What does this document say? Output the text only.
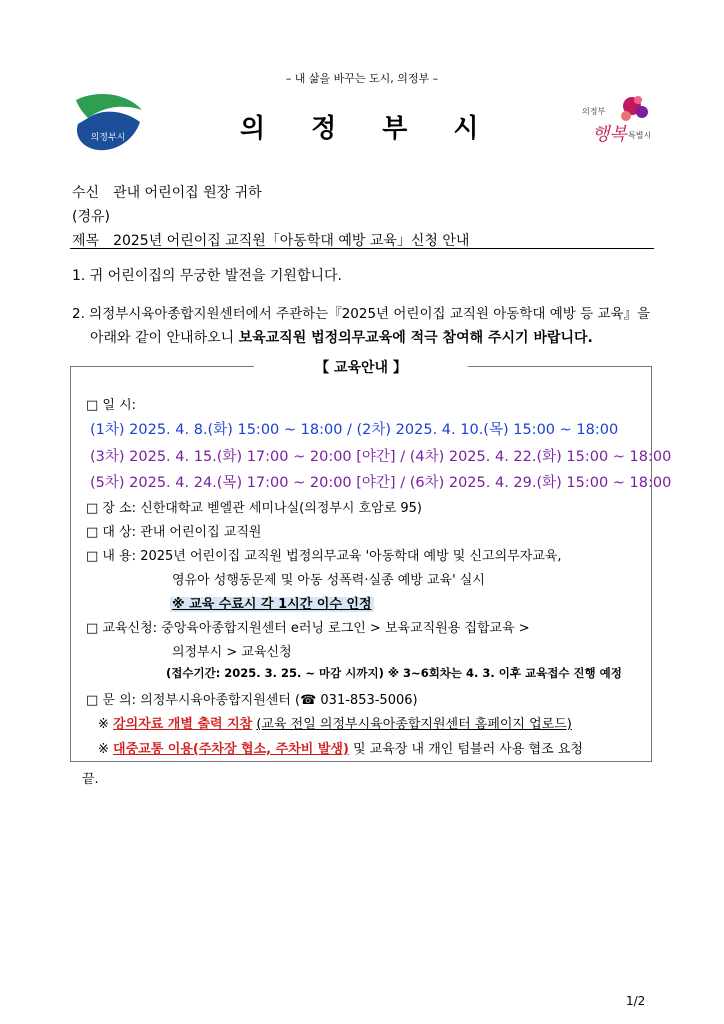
– 내 삶을 바꾸는 도시, 의정부 –
의정부시	의정부시
의정부
행복 특별시
수신 관내 어린이집 원장 귀하
(경유)
제목 2025년 어린이집 교직원「아동학대 예방 교육」신청 안내
1. 귀 어린이집의 무궁한 발전을 기원합니다.
2. 의정부시육아종합지원센터에서 주관하는『2025년 어린이집 교직원 아동학대 예방 등 교육』을
아래와 같이 안내하오니 보육교직원 법정의무교육에 적극 참여해 주시기 바랍니다.
【 교육안내 】
□ 일 시:
(1차) 2025. 4. 8.(화) 15:00 ~ 18:00 / (2차) 2025. 4. 10.(목) 15:00 ~ 18:00
(3차) 2025. 4. 15.(화) 17:00 ~ 20:00 [야간] / (4차) 2025. 4. 22.(화) 15:00 ~ 18:00
(5차) 2025. 4. 24.(목) 17:00 ~ 20:00 [야간] / (6차) 2025. 4. 29.(화) 15:00 ~ 18:00
□ 장 소: 신한대학교 벧엘관 세미나실(의정부시 호암로 95)
□ 대 상: 관내 어린이집 교직원
□ 내 용: 2025년 어린이집 교직원 법정의무교육 '아동학대 예방 및 신고의무자교육,
영유아 성행동문제 및 아동 성폭력·실종 예방 교육' 실시
※ 교육 수료시 각 1시간 이수 인정
□ 교육신청: 중앙육아종합지원센터 e러닝 로그인 > 보육교직원용 집합교육 >
의정부시 > 교육신청
(접수기간: 2025. 3. 25. ~ 마감 시까지) ※ 3~6회차는 4. 3. 이후 교육접수 진행 예정
□ 문 의: 의정부시육아종합지원센터 (☎ 031-853-5006)
※ 강의자료 개별 출력 지참 (교육 전일 의정부시육아종합지원센터 홈페이지 업로드)
※ 대중교통 이용(주차장 협소, 주차비 발생) 및 교육장 내 개인 텀블러 사용 협조 요청
끝.
1/2
